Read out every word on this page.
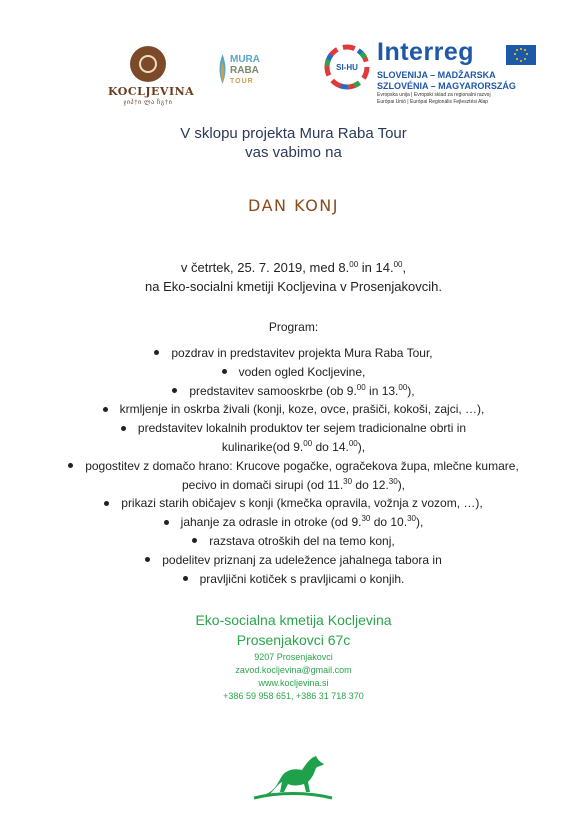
KOCLJEVINA
ჯიპ†ი ლა ჩგ†ი
MURA
RABA
TOUR
SI-HU
Interreg
SLOVENIJA – MADŽARSKA
SZLOVÉNIA – MAGYARORSZÁG
Evropska unija | Evropski sklad za regionalni razvoj
Európai Unió | Európai Regionális Fejlesztési Alap
V sklopu projekta Mura Raba Tour
vas vabimo na
DAN KONJ
v četrtek, 25. 7. 2019, med 8.00 in 14.00,
na Eko-socialni kmetiji Kocljevina v Prosenjakovcih.
Program:
pozdrav in predstavitev projekta Mura Raba Tour,
voden ogled Kocljevine,
predstavitev samooskrbe (ob 9.00 in 13.00),
krmljenje in oskrba živali (konji, koze, ovce, prašiči, kokoši, zajci, …),
predstavitev lokalnih produktov ter sejem tradicionalne obrti in
kulinarike(od 9.00 do 14.00),
pogostitev z domačo hrano: Krucove pogačke, ogračekova župa, mlečne kumare,
pecivo in domači sirupi (od 11.30 do 12.30),
prikazi starih običajev s konji (kmečka opravila, vožnja z vozom, …),
jahanje za odrasle in otroke (od 9.30 do 10.30),
razstava otroških del na temo konj,
podelitev priznanj za udeležence jahalnega tabora in
pravljični kotiček s pravljicami o konjih.
Eko-socialna kmetija Kocljevina
Prosenjakovci 67c
9207 Prosenjakovci
zavod.kocljevina@gmail.com
www.kocljevina.si
+386 59 958 651, +386 31 718 370
